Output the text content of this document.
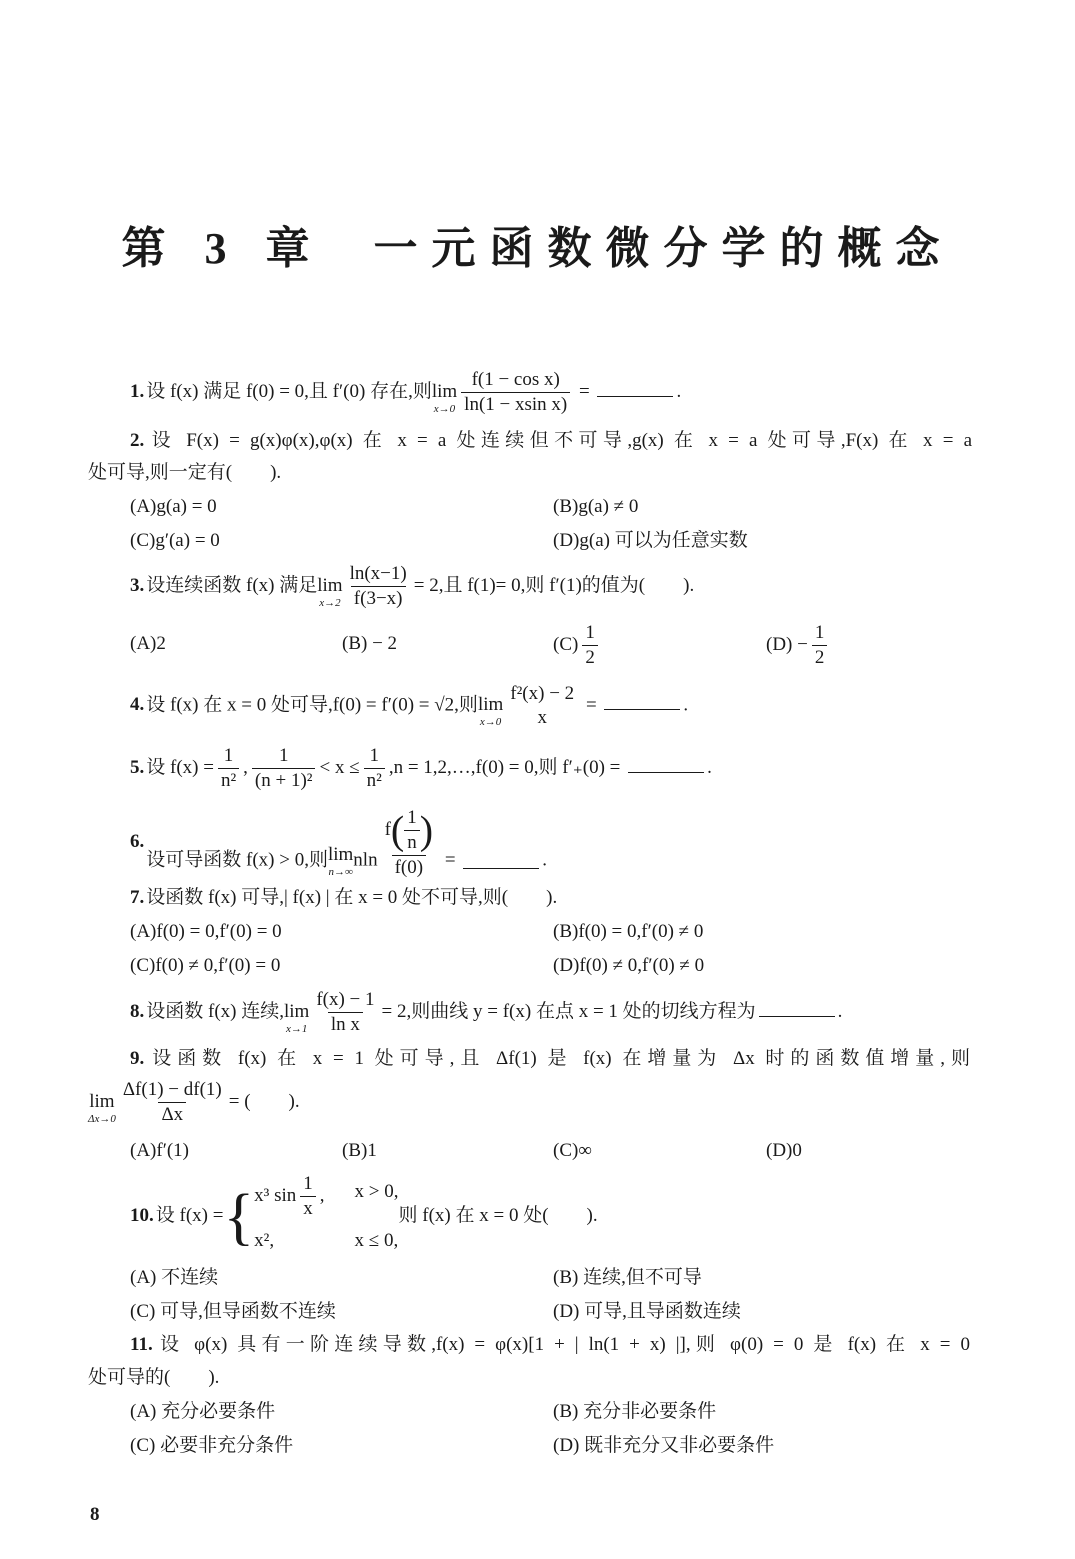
第 3 章 一元函数微分学的概念
1. 设 f(x) 满足 f(0) = 0,且 f′(0) 存在,则 lim
$x\to 0 \frac{\text{f(1 − cos x)}}{\text{ln(1 − xsin x)}}$ =	.
2. 设 F(x) = g(x)φ(x),φ(x) 在 x = a 处连续但不可导,g(x) 在 x = a 处可导,F(x) 在 x = a
处可导,则一定有(　　).
(A)g(a) = 0	(B)g(a) ≠ 0
(C)g′(a) = 0	(D)g(a) 可以为任意实数
3. 设连续函数 f(x) 满足 lim
$x\to 2 \frac{\ln(x-1)}{f(3-x)} = 2$,且 f(1)= 0,则 f′(1)的值为(　　).
(A)2	(B) − 2	$(C) \frac{1}{2}$	$(D) - \frac{1}{2}$
4. 设 f(x) 在 x = 0 处可导,f(0) = f′(0) = √2,则 lim
x→0
f²(x) − 2
x
=	.
5. 设 $f(x) = \frac{1}{\text{n²}}$ , $\frac{1}{\text{(n + 1)²}} < x \le \frac{1}{\text{n²}} ,n$ = 1,2,…,f(0) = 0,则 f′₊(0) =	.
6.设可导函数 f(x) > 0,则 lim
n→∞
nln $\frac{f( \frac{1}{n} )}{f(0)}$ =	.
7. 设函数 f(x) 可导,| f(x) | 在 x = 0 处不可导,则(　　).
(A)f(0) = 0,f′(0) = 0	(B)f(0) = 0,f′(0) ≠ 0
(C)f(0) ≠ 0,f′(0) = 0	(D)f(0) ≠ 0,f′(0) ≠ 0
8. 设函数 f(x) 连续, lim
$x\to 1 \frac{f(x) - 1}{\text{ln x}} = 2$,则曲线 y = f(x) 在点 x = 1 处的切线方程为	.
9. 设函数 f(x) 在 x = 1 处可导,且 Δf(1) 是 f(x) 在增量为 Δx 时的函数值增量,则
lim
$\Delta x\to 0 \frac{\Delta f(1) - df(1)}{\Delta x}$ = (　　).
(A)f′(1)	(B)1	(C)∞	(D)0
10. 设 f(x) ={ x³ $\sin \frac{1}{x}$ , x > 0,
x²,	x ≤ 0,
则 f(x) 在 x = 0 处(　　).
(A) 不连续	(B) 连续,但不可导
(C) 可导,但导函数不连续	(D) 可导,且导函数连续
11. 设 φ(x) 具有一阶连续导数,f(x) = φ(x)[1 + | ln(1 + x) |],则 φ(0) = 0 是 f(x) 在 x = 0
处可导的(　　).
(A) 充分必要条件	(B) 充分非必要条件
(C) 必要非充分条件	(D) 既非充分又非必要条件
8
